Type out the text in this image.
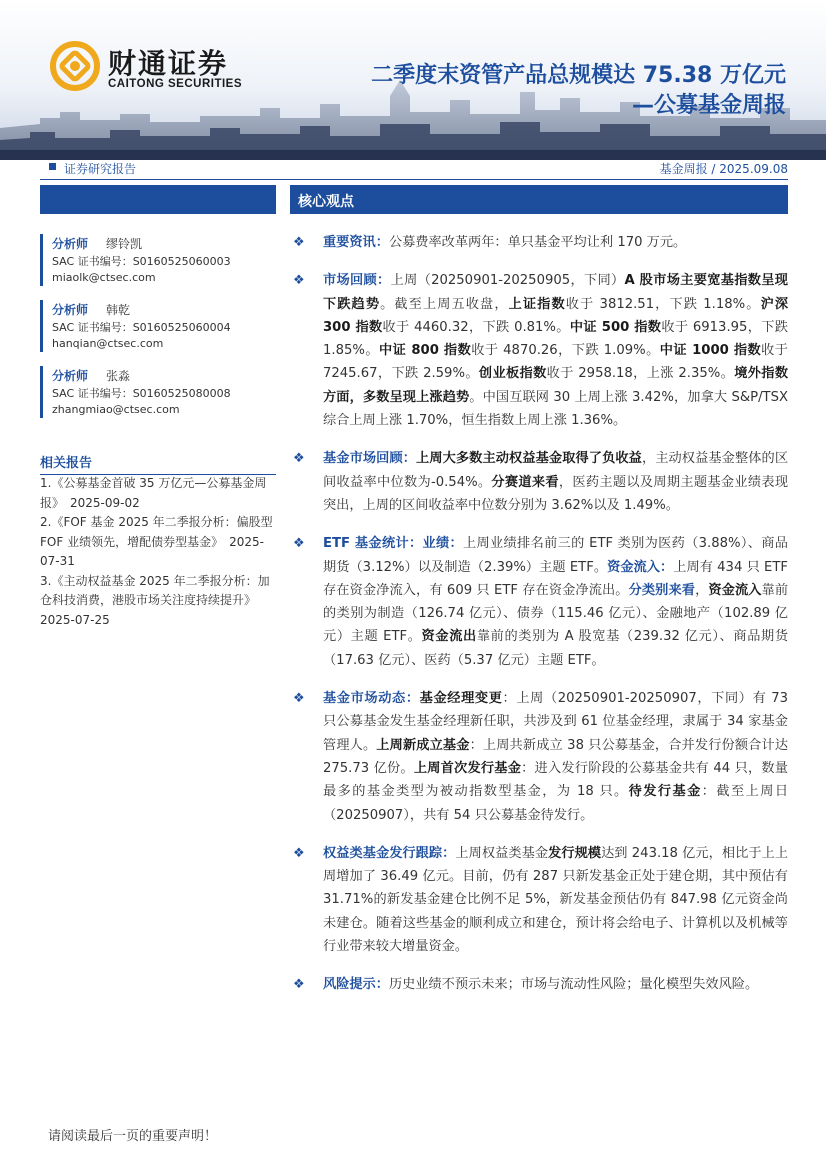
财通证券
CAITONG SECURITIES	二季度末资管产品总规模达 75.38 万亿元
—公募基金周报
证券研究报告	基金周报 / 2025.09.08
分析师 缪铃凯
SAC 证书编号：S0160525060003
miaolk@ctsec.com
分析师 韩乾
SAC 证书编号：S0160525060004
hanqian@ctsec.com
分析师 张淼
SAC 证书编号：S0160525080008
zhangmiao@ctsec.com
相关报告
1.《公募基金首破 35 万亿元—公募基金周报》　2025-09-02
2.《FOF 基金 2025 年二季报分析：偏股型 FOF 业绩领先，增配债券型基金》　2025-07-31
3.《主动权益基金 2025 年二季报分析：加仓科技消费，港股市场关注度持续提升》　2025-07-25
核心观点
❖ 重要资讯：公募费率改革两年：单只基金平均让利 170 万元。
❖ 市场回顾：上周（20250901-20250905，下同）A 股市场主要宽基指数呈现下跌趋势。截至上周五收盘，上证指数收于 3812.51，下跌 1.18%。沪深 300 指数收于 4460.32，下跌 0.81%。中证 500 指数收于 6913.95，下跌 1.85%。中证 800 指数收于 4870.26，下跌 1.09%。中证 1000 指数收于 7245.67，下跌 2.59%。创业板指数收于 2958.18，上涨 2.35%。境外指数方面，多数呈现上涨趋势。中国互联网 30 上周上涨 3.42%，加拿大 S&P/TSX 综合上周上涨 1.70%，恒生指数上周上涨 1.36%。
❖ 基金市场回顾：上周大多数主动权益基金取得了负收益，主动权益基金整体的区间收益率中位数为-0.54%。分赛道来看，医药主题以及周期主题基金业绩表现突出，上周的区间收益率中位数分别为 3.62%以及 1.49%。
❖ ETF 基金统计：业绩：上周业绩排名前三的 ETF 类别为医药（3.88%）、商品期货（3.12%）以及制造（2.39%）主题 ETF。资金流入：上周有 434 只 ETF 存在资金净流入，有 609 只 ETF 存在资金净流出。分类别来看，资金流入靠前的类别为制造（126.74 亿元）、债券（115.46 亿元）、金融地产（102.89 亿元）主题 ETF。资金流出靠前的类别为 A 股宽基（239.32 亿元）、商品期货（17.63 亿元）、医药（5.37 亿元）主题 ETF。
❖ 基金市场动态：基金经理变更：上周（20250901-20250907，下同）有 73 只公募基金发生基金经理新任职，共涉及到 61 位基金经理，隶属于 34 家基金管理人。上周新成立基金：上周共新成立 38 只公募基金，合并发行份额合计达 275.73 亿份。上周首次发行基金：进入发行阶段的公募基金共有 44 只，数量最多的基金类型为被动指数型基金，为 18 只。待发行基金：截至上周日（20250907），共有 54 只公募基金待发行。
❖ 权益类基金发行跟踪：上周权益类基金发行规模达到 243.18 亿元，相比于上上周增加了 36.49 亿元。目前，仍有 287 只新发基金正处于建仓期，其中预估有 31.71%的新发基金建仓比例不足 5%，新发基金预估仍有 847.98 亿元资金尚未建仓。随着这些基金的顺利成立和建仓，预计将会给电子、计算机以及机械等行业带来较大增量资金。
❖ 风险提示：历史业绩不预示未来；市场与流动性风险；量化模型失效风险。
请阅读最后一页的重要声明！
